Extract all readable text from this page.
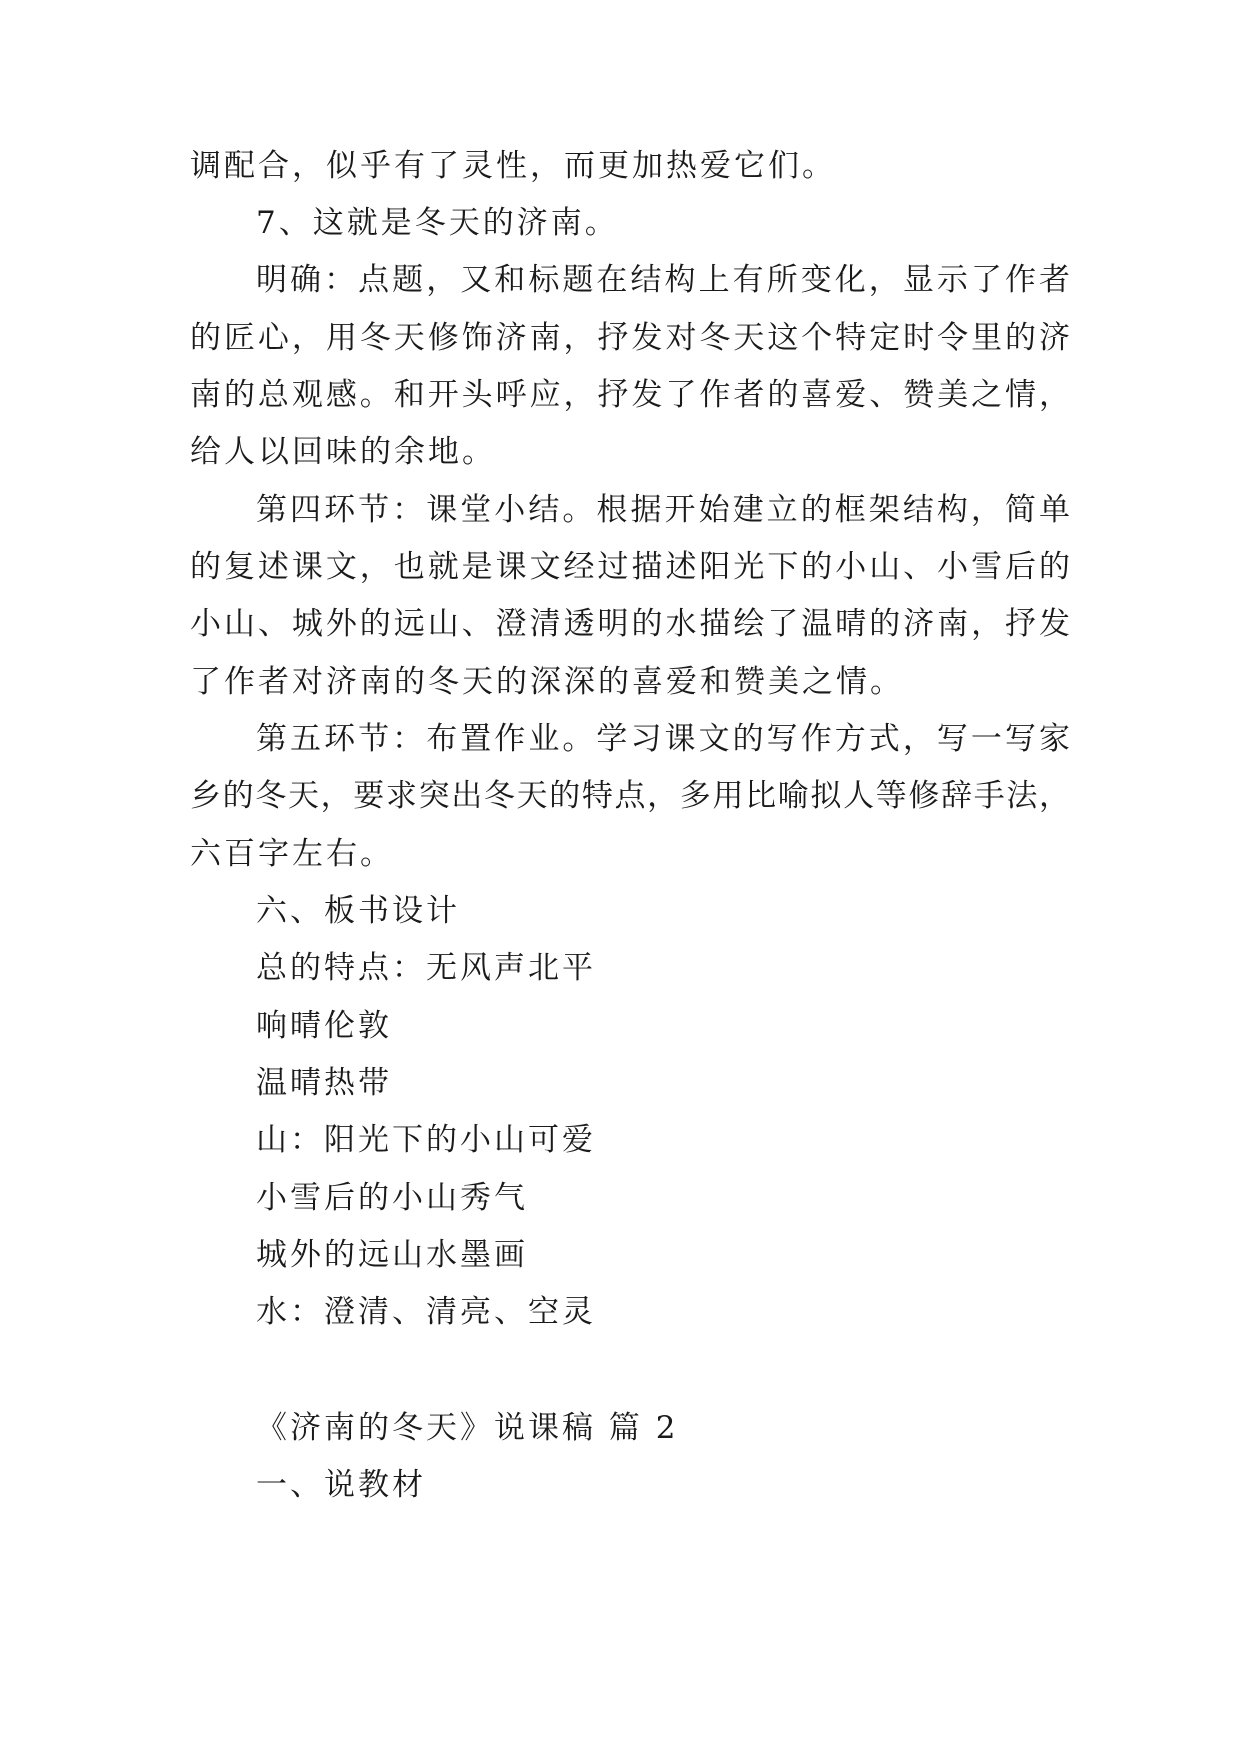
调配合，似乎有了灵性，而更加热爱它们。
7、这就是冬天的济南。
明确：点题，又和标题在结构上有所变化，显示了作者
的匠心，用冬天修饰济南，抒发对冬天这个特定时令里的济
南的总观感。和开头呼应，抒发了作者的喜爱、赞美之情，
给人以回味的余地。
第四环节：课堂小结。根据开始建立的框架结构，简单
的复述课文，也就是课文经过描述阳光下的小山、小雪后的
小山、城外的远山、澄清透明的水描绘了温晴的济南，抒发
了作者对济南的冬天的深深的喜爱和赞美之情。
第五环节：布置作业。学习课文的写作方式，写一写家
乡的冬天，要求突出冬天的特点，多用比喻拟人等修辞手法，
六百字左右。
六、板书设计
总的特点：无风声北平
响晴伦敦
温晴热带
山：阳光下的小山可爱
小雪后的小山秀气
城外的远山水墨画
水：澄清、清亮、空灵
《济南的冬天》说课稿 篇 2
一、说教材
